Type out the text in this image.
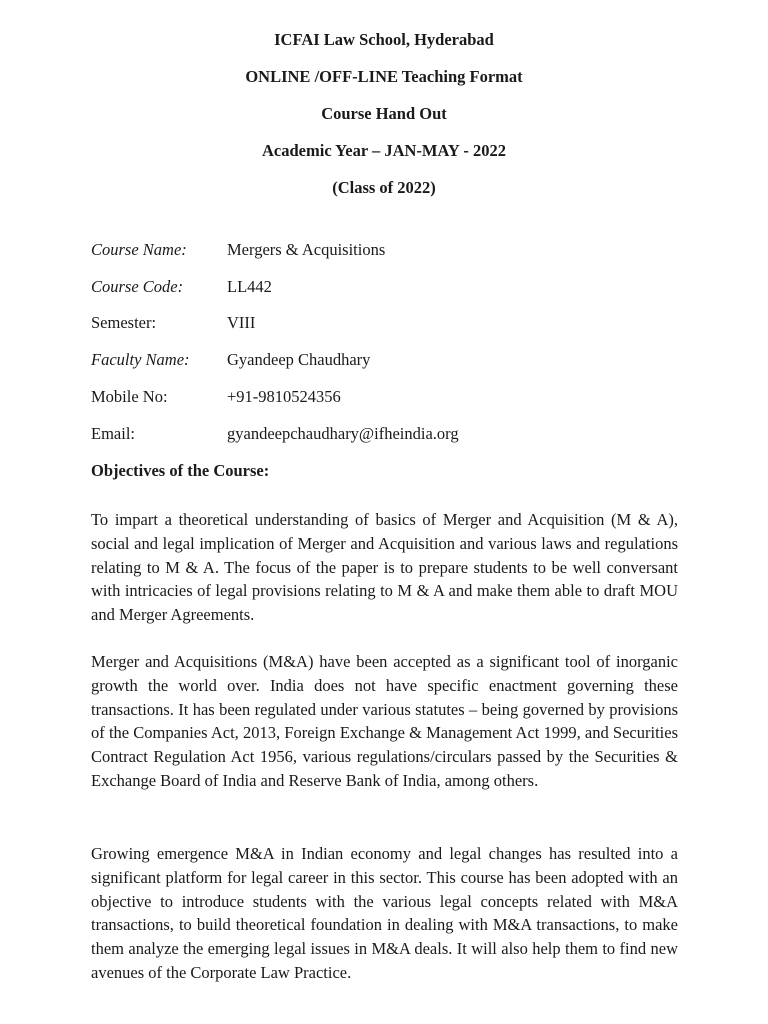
ICFAI Law School, Hyderabad
ONLINE /OFF-LINE Teaching Format
Course Hand Out
Academic Year – JAN-MAY - 2022
(Class of 2022)
Course Name: Mergers & Acquisitions
Course Code:	LL442
Semester:	VIII
Faculty Name: Gyandeep Chaudhary
Mobile No:	+91-9810524356
Email:	gyandeepchaudhary@ifheindia.org
Objectives of the Course:

To impart a theoretical understanding of basics of Merger and Acquisition (M & A), social and legal implication of Merger and Acquisition and various laws and regulations relating to M & A. The focus of the paper is to prepare students to be well conversant with intricacies of legal provisions relating to M & A and make them able to draft MOU and Merger Agreements.

Merger and Acquisitions (M&A) have been accepted as a significant tool of inorganic growth the world over. India does not have specific enactment governing these transactions. It has been regulated under various statutes – being governed by provisions of the Companies Act, 2013, Foreign Exchange & Management Act 1999, and Securities Contract Regulation Act 1956, various regulations/circulars passed by the Securities & Exchange Board of India and Reserve Bank of India, among others.

Growing emergence M&A in Indian economy and legal changes has resulted into a significant platform for legal career in this sector. This course has been adopted with an objective to introduce students with the various legal concepts related with M&A transactions, to build theoretical foundation in dealing with M&A transactions, to make them analyze the emerging legal issues in M&A deals. It will also help them to find new avenues of the Corporate Law Practice.
